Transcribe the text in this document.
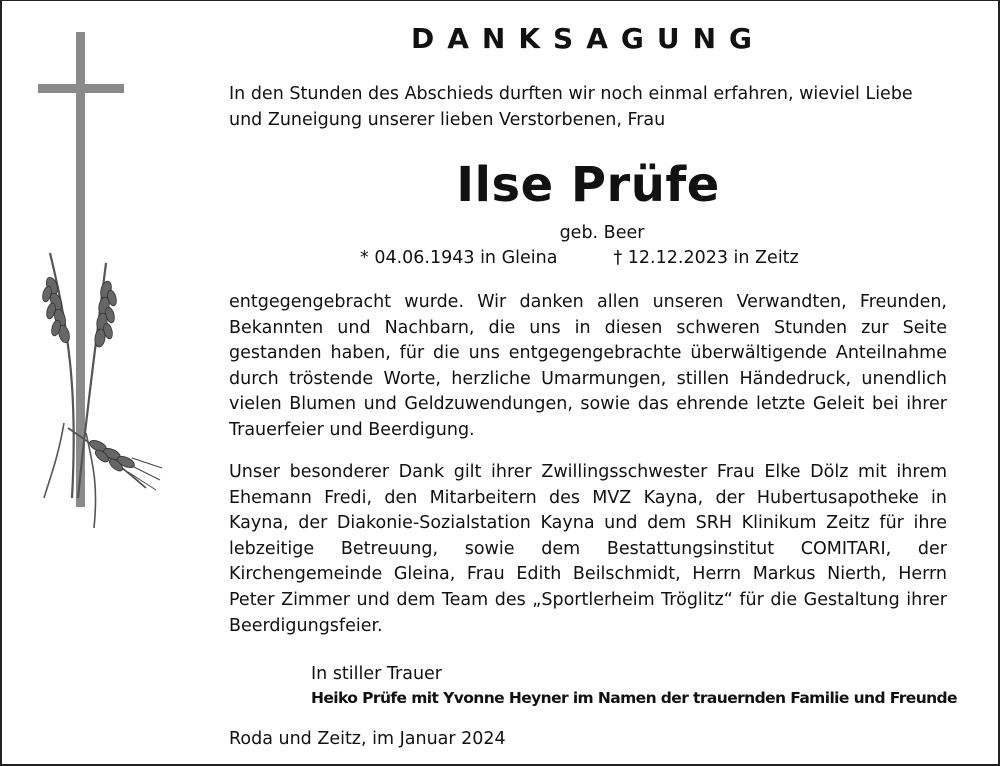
DANKSAGUNG

In den Stunden des Abschieds durften wir noch einmal erfahren, wieviel Liebe und Zuneigung unserer lieben Verstorbenen, Frau

Ilse Prüfe
geb. Beer
* 04.06.1943 in Gleina	† 12.12.2023 in Zeitz

entgegengebracht wurde. Wir danken allen unseren Verwandten, Freunden, Bekannten und Nachbarn, die uns in diesen schweren Stunden zur Seite gestanden haben, für die uns entgegengebrachte überwältigende Anteilnahme durch tröstende Worte, herzliche Umarmungen, stillen Händedruck, unendlich vielen Blumen und Geldzuwendungen, sowie das ehrende letzte Geleit bei ihrer Trauerfeier und Beerdigung.

Unser besonderer Dank gilt ihrer Zwillingsschwester Frau Elke Dölz mit ihrem Ehemann Fredi, den Mitarbeitern des MVZ Kayna, der Hubertusapotheke in Kayna, der Diakonie-Sozialstation Kayna und dem SRH Klinikum Zeitz für ihre lebzeitige Betreuung, sowie dem Bestattungsinstitut COMITARI, der Kirchengemeinde Gleina, Frau Edith Beilschmidt, Herrn Markus Nierth, Herrn Peter Zimmer und dem Team des „Sportlerheim Tröglitz“ für die Gestaltung ihrer Beerdigungsfeier.

In stiller Trauer
Heiko Prüfe mit Yvonne Heyner im Namen der trauernden Familie und Freunde
Roda und Zeitz, im Januar 2024
